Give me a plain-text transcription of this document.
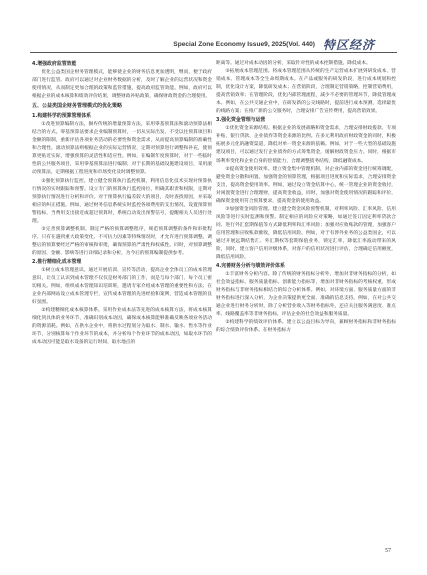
Special Zone Economy Issue9, 2025(Vol. 440) 特区经济
4.增强政府监管效能
优化公益类国企财务管理模式，能够使企业的财务信息更加透明，继而，便于政府部门进行监管。政府可以通过对企业财务数据的分析，及时了解企业的运营状况和资金使用情况，从而制定更加合理的政策和监管措施，提高政府监管效能。例如，政府可以根据企业的成本核算和绩效评价结果，调整财政补贴政策，确保财政资金的合理使用。
五、公益类国企财务管理模式的优化策略
1.构建科学的预算管理体系
①改进预算编制方法，摒弃传统的增量预算方法，采用零基预算法和滚动预算法相结合的方式。零基预算法要求企业编制预算时，一切从实际出发，不受以往预算项目和金额的限制，重新评估各项业务活动的必要性和资金需求，从而提高预算编制的准确性和合理性。滚动预算法则根据企业的实际运营情况，定期对预算进行调整和补充，使预算更贴近实际，增强预算的灵活性和适应性。例如，在编制年度预算时，对于一些临时性的公共服务项目，采用零基预算法进行编制；对于长期的基础设施建设项目，采用滚动预算法，定期根据工程进度和市场变化及时调整预算。
②强化预算执行监控。建立健全预算执行监控机制，利用信息化技术实现对预算执行情况的实时跟踪和预警。设立专门的预算执行监控岗位，明确其职责和权限，定期对预算执行情况进行分析和评价。对于预算执行偏差较大的项目，及时查找原因，并采取相应的纠正措施。例如，通过财务信息系统实时监控各项费用的支出情况，设置预算预警指标，当费用支出接近或超过预算时，系统自动发出预警信号，提醒相关人员进行处理。
③完善预算调整机制。制定严格的预算调整程序，规范预算调整的条件和审批程序。只有在遇到重大政策变化、不可抗力因素等特殊情况时，才允许进行预算调整。调整后的预算要经过严格的审核和审批，确保预算的严肃性和权威性。同时，对预算调整的原因、金额、影响等进行详细记录和分析，为今后的预算编制提供参考。
2.推行精细化成本管理
①树立成本管理意识。通过开展培训、宣传等活动，提高企业全体员工的成本管理意识，让员工认识到成本管理不仅仅是财务部门的工作，而是与每个部门、每个员工密切相关。例如，组织成本管理知识培训班，邀请专家介绍成本管理的重要性和方法；在企业内部网站设立成本管理专栏，宣传成本管理的先进经验和案例，营造成本管理的良好氛围。
②构建精细化成本核算体系。采用作业成本法等先进的成本核算方法，将成本核算细化到具体的业务环节，准确识别成本动因，确保成本核算能够准确反映各项业务活动的资源消耗。例如，在供水企业中，将供水过程划分为取水、制水、输水、售水等作业环节，分别核算每个作业环节的成本，并分析每个作业环节的成本动因，如取水环节的成本动因可能是取水设备的运行时间、取水地点的
距离等。通过对成本动因的分析，采取针对性的成本控制措施，降低成本。
③拓展成本管理范围。将成本管理范围从传统的生产运营成本扩展到研发成本、营销成本、管理成本等全生命周期成本。在产品或服务的研发阶段，进行成本规划和控制，优化设计方案，降低研发成本；在营销阶段，合理制定营销策略，控制营销费用，提高营销效率；在管理阶段，优化内部管理流程，减少不必要的管理环节，降低管理成本。例如，在公共交通企业中，在研发新的公交线路时，提前进行成本预测，选择最优的线路方案；在推广新的公交服务时，合理安排广告宣传费用，提高营销效果。
3.强化资金管理与运营
①优化资金来源结构。根据企业的发展战略和资金需求，合理安排财政拨款、专项补贴、银行贷款、企业债券等资金来源的比例。在多元利用政府财政资金的同时，积极拓展多元化的融资渠道，降低对单一资金来源的依赖。例如，对于一些大型的基础设施建设项目，可以通过发行企业债券的方式筹集资金，缓解财政资金压力。同时，根据市场利率变化和企业自身的偿债能力，合理调整债务结构，降低融资成本。
②提高资金使用效率。建立资金集中管理机制，对企业内部的资金进行统筹调配，避免资金分散和闲置。加强资金的预算管理，根据项目进度和实际需求，合理安排资金支出，提高资金使用效率。例如，通过设立资金结算中心，统一管理企业的资金收付，对闲置资金进行合理理财，提高资金收益。同时，加强对资金使用情况的跟踪和评价，确保资金使用符合预算要求，提高资金的使用效益。
③加强资金风险管理。建立健全资金风险预警机制，对利率风险、汇率风险、信用风险等进行实时监测和预警。制定相应的风险应对策略，如通过签订固定利率贷款合同、进行外汇套期保值等方式降低利率和汇率风险；加强对应收账款的管理，加强客户信用管理和应收账款催收，降低信用风险。例如，对于有涉外业务的公益类国企，可以通过开展远期结售汇、外汇期权等套期保值业务，锁定汇率，降低汇率波动带来的风险，同时，建立客户信用评级体系，对客户的信用状况进行评估，合理确定信用额度，降低信用风险。
4.完善财务分析与绩效评价体系
①丰富财务分析内容。除了传统的财务指标分析外，增加对非财务指标的分析，如社会效益指标、服务质量指标、创新能力指标等，增加对非财务指标的考核权重，形成财务指标与非财务指标相结合的综合分析体系。例如，对环境方面、服务质量方面的非财务指标进行深入分析，为企业决策提供更全面、准确的信息支持。例如，在对公共交通企业进行财务分析时，除了分析营业收入等财务指标外，还应关注服务满意度、准点率、线路覆盖率等非财务指标，评估企业的社会效益和服务质量。
②构建科学的绩效评价体系。建立以公益目标为导向，兼顾财务指标和非财务指标的综合绩效评价体系。在财务指标方
57
